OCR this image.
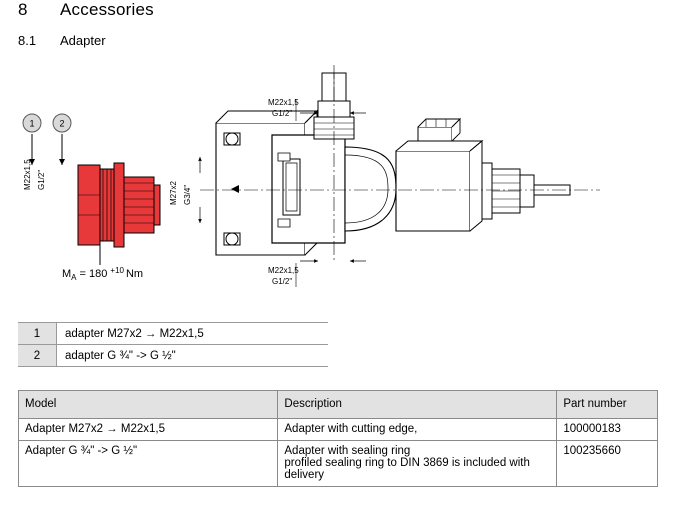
8 Accessories
8.1 Adapter
1	2
M22x1,5 G1/2"
$M_A = 180$ $^{+10}$ Nm
M22x1,5
G1/2"
M27x2 G3/4"
M22x1,5
G1/2"
1	adapter M27x2 → M22x1,5
2	adapter G ¾" -> G ½"
Model	Description	Part number
Adapter M27x2 → M22x1,5	Adapter with cutting edge,	100000183
Adapter G ¾" -> G ½"	Adapter with sealing ring
profiled sealing ring to DIN 3869 is included with
delivery	100235660
